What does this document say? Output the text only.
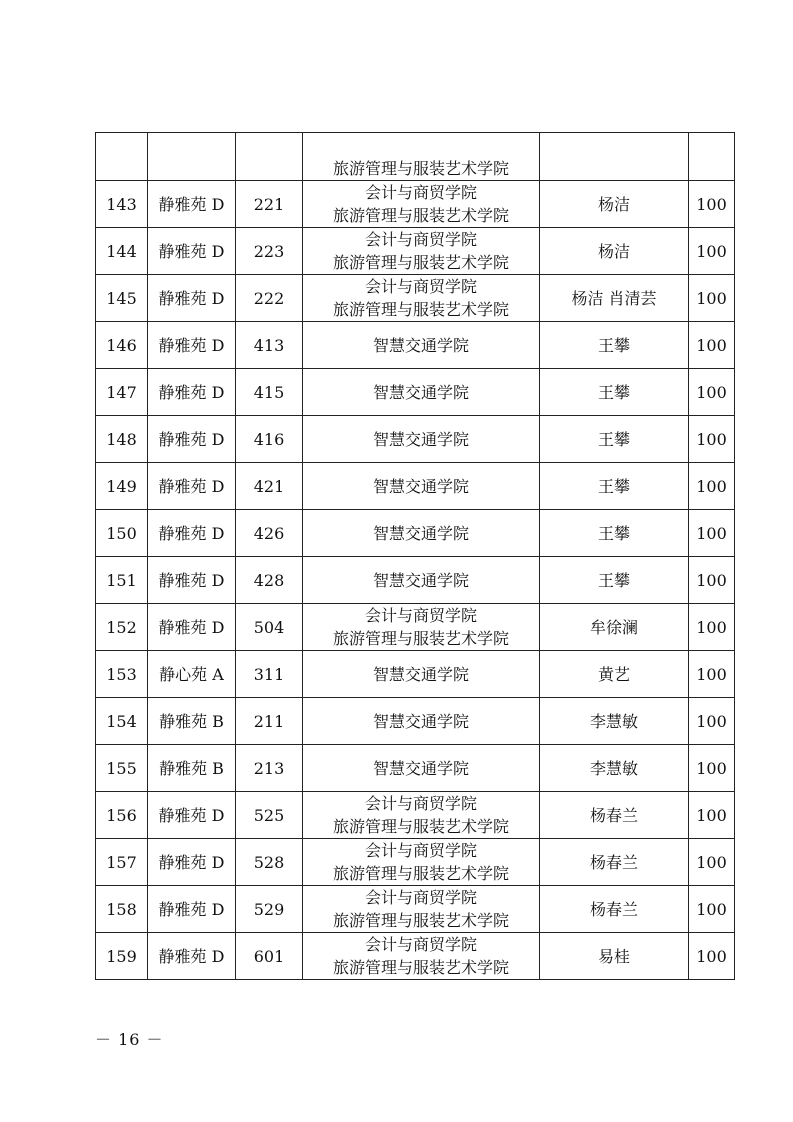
			旅游管理与服装艺术学院		

143	静雅苑 D	221	会计与商贸学院
旅游管理与服装艺术学院	杨洁	100
144	静雅苑 D	223	会计与商贸学院
旅游管理与服装艺术学院	杨洁	100
145	静雅苑 D	222	会计与商贸学院
旅游管理与服装艺术学院	杨洁 肖清芸	100
146	静雅苑 D	413	智慧交通学院	王攀	100
147	静雅苑 D	415	智慧交通学院	王攀	100
148	静雅苑 D	416	智慧交通学院	王攀	100
149	静雅苑 D	421	智慧交通学院	王攀	100
150	静雅苑 D	426	智慧交通学院	王攀	100
151	静雅苑 D	428	智慧交通学院	王攀	100
152	静雅苑 D	504	会计与商贸学院
旅游管理与服装艺术学院	牟徐澜	100
153	静心苑 A	311	智慧交通学院	黄艺	100
154	静雅苑 B	211	智慧交通学院	李慧敏	100
155	静雅苑 B	213	智慧交通学院	李慧敏	100
156	静雅苑 D	525	会计与商贸学院
旅游管理与服装艺术学院	杨春兰	100
157	静雅苑 D	528	会计与商贸学院
旅游管理与服装艺术学院	杨春兰	100
158	静雅苑 D	529	会计与商贸学院
旅游管理与服装艺术学院	杨春兰	100
159	静雅苑 D	601	会计与商贸学院
旅游管理与服装艺术学院	易桂	100
－ 16 －
